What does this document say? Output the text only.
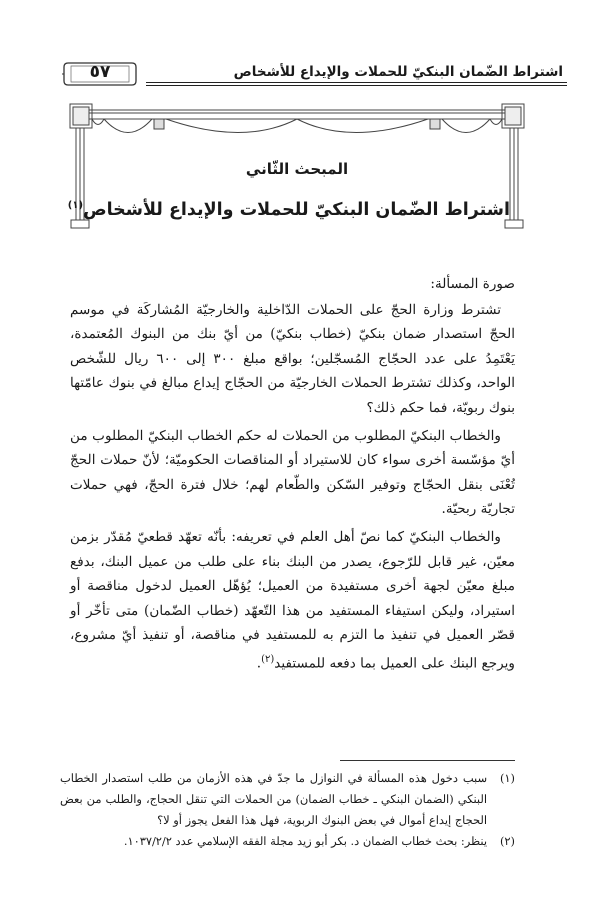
٥٧	اشتراط الضّمان البنكيّ للحملات والإيداع للأشخاص
المبحث الثّاني
اشتراط الضّمان البنكيّ للحملات والإيداع للأشخاص$^{(١)}$

صورة المسألة:

تشترط وزارة الحجّ على الحملات الدّاخلية والخارجيّة المُشاركَة في موسم الحجّ استصدار ضمان بنكيّ (خطاب بنكيّ) من أيّ بنك من البنوك المُعتمدة، يَعْتَمِدُ على عدد الحجّاج المُسجّلين؛ بواقع مبلغ ٣٠٠ إلى ٦٠٠ ريال للشّخص الواحد، وكذلك تشترط الحملات الخارجيّة من الحجّاج إيداع مبالغ في بنوك عامّتها بنوك ربويّة، فما حكم ذلك؟

والخطاب البنكيّ المطلوب من الحملات له حكم الخطاب البنكيّ المطلوب من أيّ مؤسّسة أخرى سواء كان للاستيراد أو المناقصات الحكوميّة؛ لأنّ حملات الحجّ تُعْنَى بنقل الحجّاج وتوفير السّكن والطّعام لهم؛ خلال فترة الحجّ، فهي حملات تجاريّة ربحيّة.

والخطاب البنكيّ كما نصّ أهل العلم في تعريفه: بأنّه تعهّد قطعيّ مُقدّر بزمن معيّن، غير قابل للرّجوع، يصدر من البنك بناء على طلب من عميل البنك، بدفع مبلغ معيّن لجهة أخرى مستفيدة من العميل؛ يُؤهّل العميل لدخول مناقصة أو استيراد، وليكن استيفاء المستفيد من هذا التّعهّد (خطاب الضّمان) متى تأخّر أو قصّر العميل في تنفيذ ما التزم به للمستفيد في مناقصة، أو تنفيذ أيّ مشروع، ويرجع البنك على العميل بما دفعه للمستفيد$^{(٢)}$.

(١)
سبب دخول هذه المسألة في النوازل ما جدّ في هذه الأزمان من طلب استصدار الخطاب البنكي (الضمان البنكي ـ خطاب الضمان) من الحملات التي تنقل الحجاج، والطلب من بعض الحجاج إيداع أموال في بعض البنوك الربوية، فهل هذا الفعل يجوز أو لا؟
(٢)
ينظر: بحث خطاب الضمان د. بكر أبو زيد مجلة الفقه الإسلامي عدد ١٠٣٧/٢/٢.
